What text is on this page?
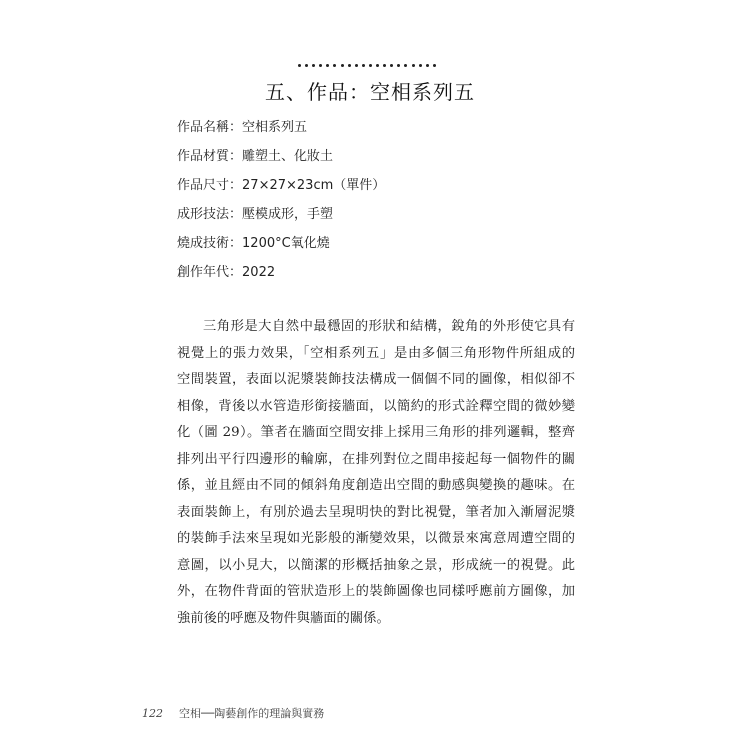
五、作品：空相系列五
作品名稱：空相系列五
作品材質：雕塑土、化妝土
作品尺寸：27×27×23cm（單件）
成形技法：壓模成形，手塑
燒成技術：1200°C氧化燒
創作年代：2022
三角形是大自然中最穩固的形狀和結構，銳角的外形使它具有
視覺上的張力效果，「空相系列五」是由多個三角形物件所組成的
空間裝置，表面以泥漿裝飾技法構成一個個不同的圖像，相似卻不
相像，背後以水管造形銜接牆面，以簡約的形式詮釋空間的微妙變
化（圖 29）。筆者在牆面空間安排上採用三角形的排列邏輯，整齊
排列出平行四邊形的輪廓，在排列對位之間串接起每一個物件的關
係，並且經由不同的傾斜角度創造出空間的動感與變換的趣味。在
表面裝飾上，有別於過去呈現明快的對比視覺，筆者加入漸層泥漿
的裝飾手法來呈現如光影般的漸變效果，以微景來寓意周遭空間的
意圖，以小見大，以簡潔的形概括抽象之景，形成統一的視覺。此
外，在物件背面的管狀造形上的裝飾圖像也同樣呼應前方圖像，加
強前後的呼應及物件與牆面的關係。
122 空相──陶藝創作的理論與實務
